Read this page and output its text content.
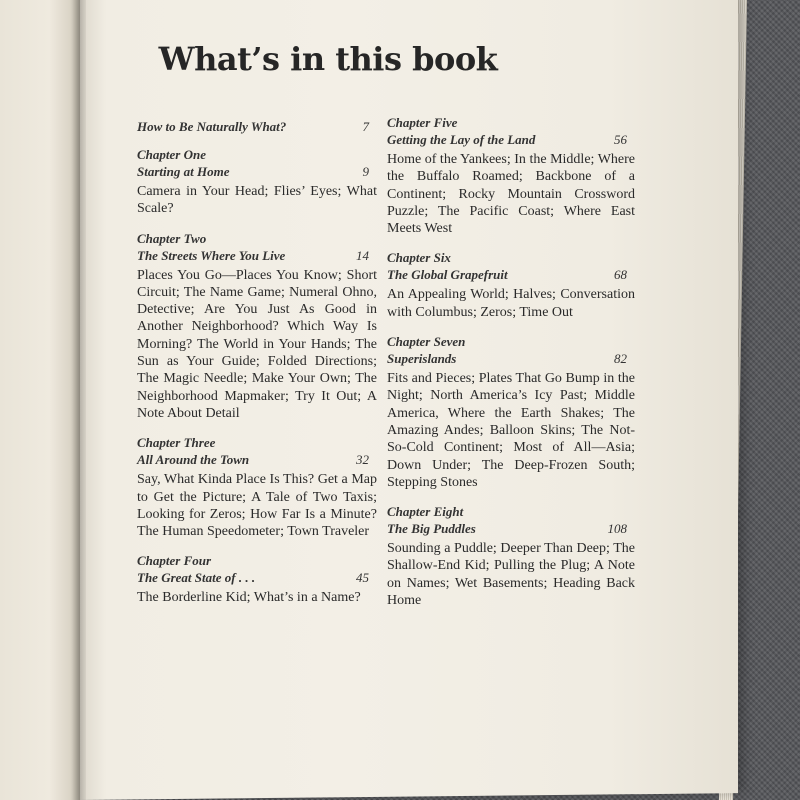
What’s in this book
How to Be Naturally What?	7
Chapter One
Starting at Home	9
Camera in Your Head; Flies’ Eyes; What Scale?
Chapter Two
The Streets Where You Live	14
Places You Go—Places You Know; Short Circuit; The Name Game; Numeral Ohno, Detective; Are You Just As Good in Another Neighborhood? Which Way Is Morning? The World in Your Hands; The Sun as Your Guide; Folded Directions; The Magic Needle; Make Your Own; The Neighborhood Mapmaker; Try It Out; A Note About Detail
Chapter Three
All Around the Town	32
Say, What Kinda Place Is This? Get a Map to Get the Picture; A Tale of Two Taxis; Looking for Zeros; How Far Is a Minute? The Human Speedometer; Town Traveler
Chapter Four
The Great State of . . .	45
The Borderline Kid; What’s in a Name?
Chapter Five
Getting the Lay of the Land	56
Home of the Yankees; In the Middle; Where the Buffalo Roamed; Backbone of a Continent; Rocky Mountain Crossword Puzzle; The Pacific Coast; Where East Meets West
Chapter Six
The Global Grapefruit	68
An Appealing World; Halves; Conversation with Columbus; Zeros; Time Out
Chapter Seven
Superislands	82
Fits and Pieces; Plates That Go Bump in the Night; North America’s Icy Past; Middle America, Where the Earth Shakes; The Amazing Andes; Balloon Skins; The Not-So-Cold Continent; Most of All—Asia; Down Under; The Deep-Frozen South; Stepping Stones
Chapter Eight
The Big Puddles	108
Sounding a Puddle; Deeper Than Deep; The Shallow-End Kid; Pulling the Plug; A Note on Names; Wet Basements; Heading Back Home
